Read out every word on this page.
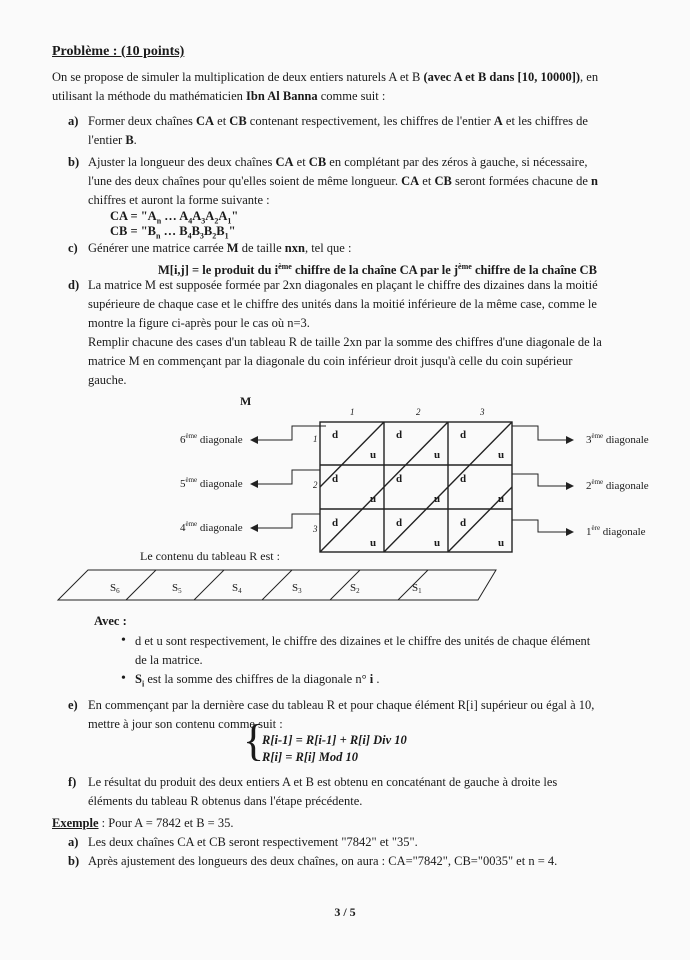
Problème : (10 points)
On se propose de simuler la multiplication de deux entiers naturels A et B (avec A et B dans [10, 10000]), en
utilisant la méthode du mathématicien Ibn Al Banna comme suit :
a) Former deux chaînes CA et CB contenant respectivement, les chiffres de l'entier A et les chiffres de
l'entier B.
b) Ajuster la longueur des deux chaînes CA et CB en complétant par des zéros à gauche, si nécessaire,
l'une des deux chaînes pour qu'elles soient de même longueur. CA et CB seront formées chacune de n
chiffres et auront la forme suivante :
CA = "$A_n$ … $A_4A_3A_2A_1$"
CB = "$B_n$ … $B_4B_3B_2B_1$"
c) Générer une matrice carrée M de taille nxn, tel que :
M[i,j] = le produit du $i^{ème}$ chiffre de la chaîne CA par le $j^{ème}$ chiffre de la chaîne CB
d) La matrice M est supposée formée par 2xn diagonales en plaçant le chiffre des dizaines dans la moitié
supérieure de chaque case et le chiffre des unités dans la moitié inférieure de la même case, comme le
montre la figure ci-après pour le cas où n=3.
Remplir chacune des cases d'un tableau R de taille 2xn par la somme des chiffres d'une diagonale de la
matrice M en commençant par la diagonale du coin inférieur droit jusqu'à celle du coin supérieur
gauche.
M
1	2	3
d
u
d
u
d
u
d
u
d
u
d
u
d
u
d
u
d
u
1
2
3
6ème diagonale
5ème diagonale
4ème diagonale
3ème diagonale
2ème diagonale
1ère diagonale
Le contenu du tableau R est :
S6	S5	S4	S3	S2	S1
Avec :
• d et u sont respectivement, le chiffre des dizaines et le chiffre des unités de chaque élément
de la matrice.
• $S_i$ est la somme des chiffres de la diagonale n° i .
e) En commençant par la dernière case du tableau R et pour chaque élément R[i] supérieur ou égal à 10,
mettre à jour son contenu comme suit :
{
R[i-1] = R[i-1] + R[i] Div 10
R[i] = R[i] Mod 10
f) Le résultat du produit des deux entiers A et B est obtenu en concaténant de gauche à droite les
éléments du tableau R obtenus dans l'étape précédente.
Exemple : Pour A = 7842 et B = 35.
a) Les deux chaînes CA et CB seront respectivement "7842" et "35".
b) Après ajustement des longueurs des deux chaînes, on aura : CA="7842", CB="0035" et n = 4.
3 / 5
